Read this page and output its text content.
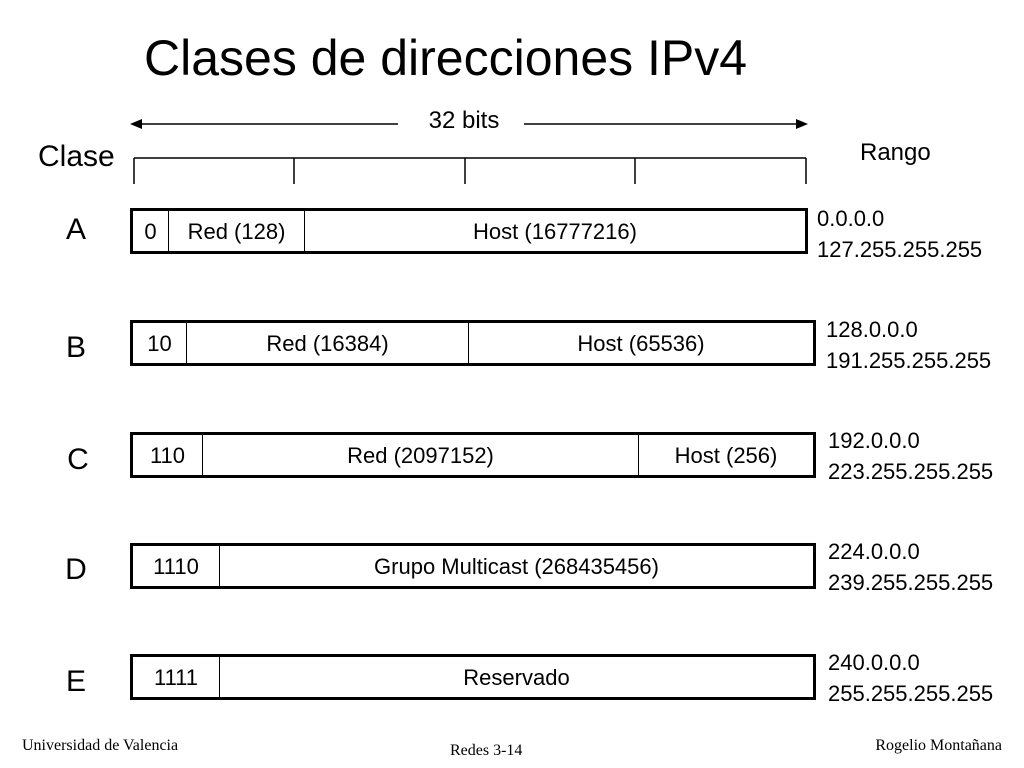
Clases de direcciones IPv4
32 bits
Clase	Rango
A	0	Red (128)	Host (16777216)
0.0.0.0
127.255.255.255
B	10	Red (16384)	Host (65536)
128.0.0.0
191.255.255.255
C	110	Red (2097152)	Host (256)
192.0.0.0
223.255.255.255
D	1110	Grupo Multicast (268435456)
224.0.0.0
239.255.255.255
E	1111	Reservado
240.0.0.0
255.255.255.255
Universidad de Valencia	Redes 3-14	Rogelio Montañana
